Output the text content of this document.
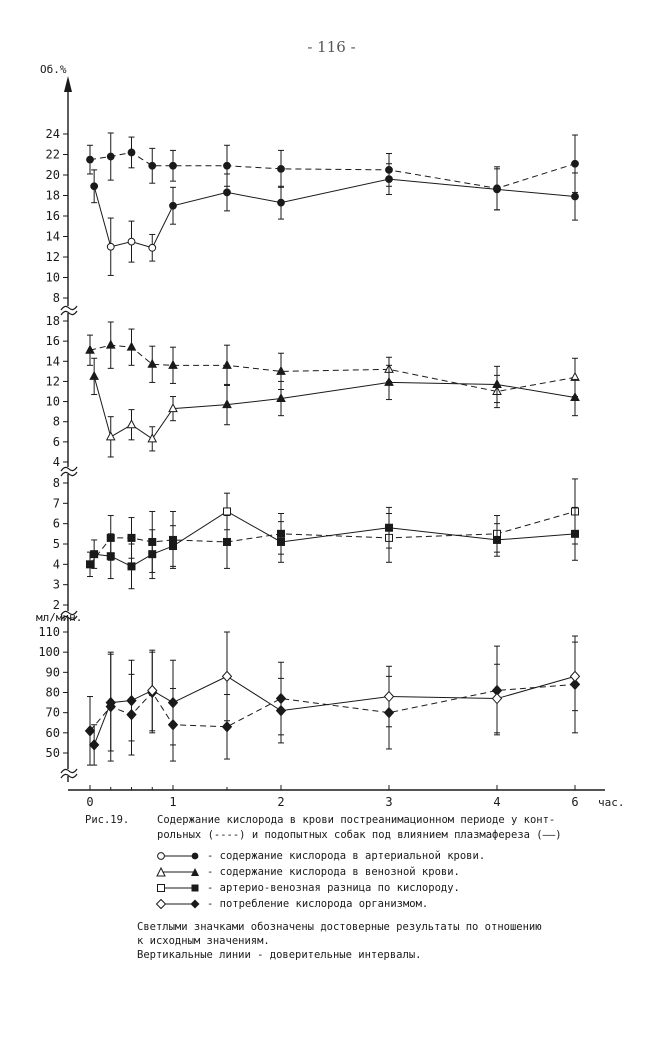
- 116 -
0	1	2	3	4	6 час.
Об.%
мл/мин.
8
10
12
14
16
18
20
22
24
4
6
8
10
12
14
16
18
2
3
4
5
6
7
8
50
60
70
80
90
100
110
Рис.19.	Содержание кислорода в крови постреанимационном периоде у конт-
рольных (----) и подопытных собак под влиянием плазмафереза (——)
- содержание кислорода в артериальной крови.
- содержание кислорода в венозной крови.
- артерио-венозная разница по кислороду.
- потребление кислорода организмом.
Светлыми значками обозначены достоверные результаты по отношению
к исходным значениям.
Вертикальные линии - доверительные интервалы.
